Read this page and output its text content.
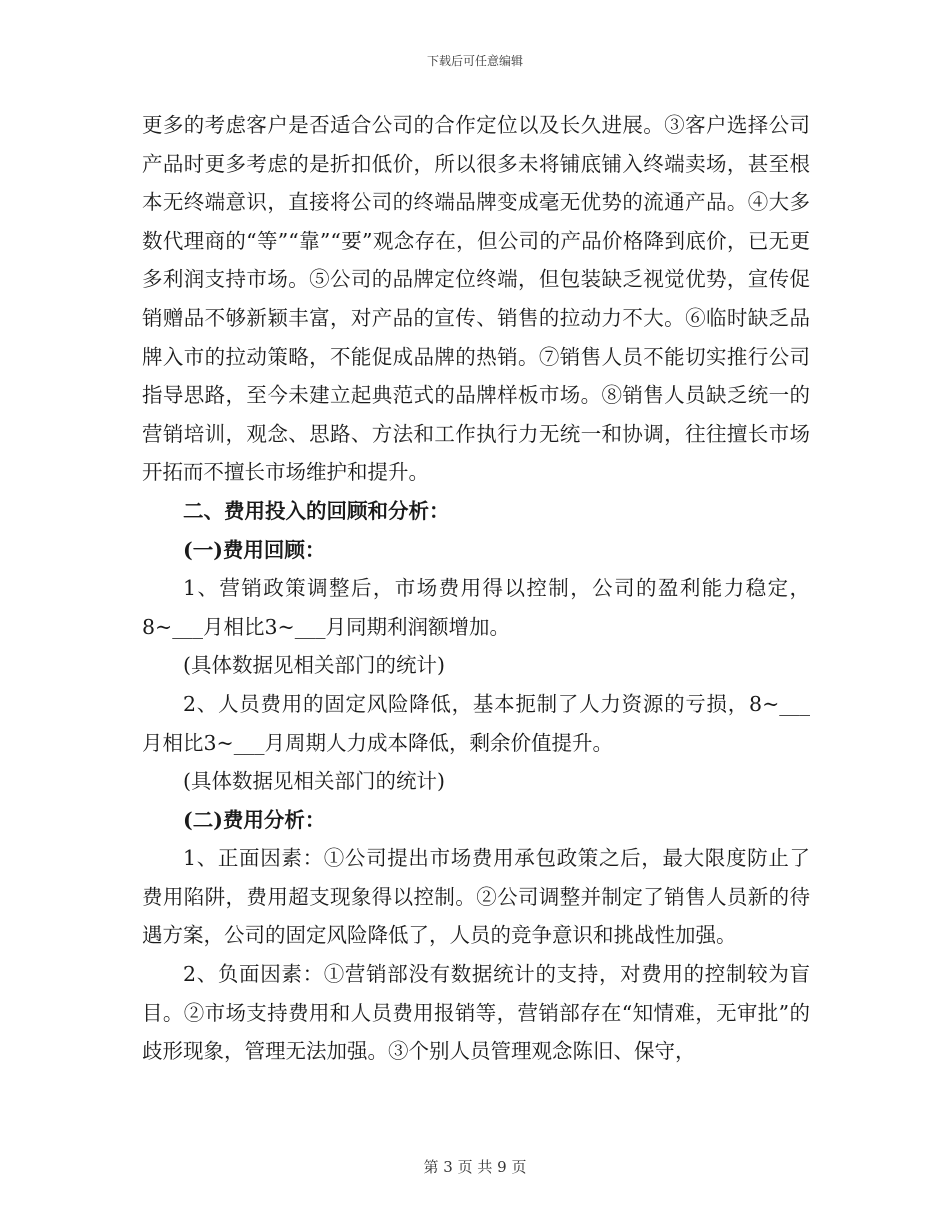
下载后可任意编辑

更多的考虑客户是否适合公司的合作定位以及长久进展。③客户选择公司产品时更多考虑的是折扣低价，所以很多未将铺底铺入终端卖场，甚至根本无终端意识，直接将公司的终端品牌变成毫无优势的流通产品。④大多数代理商的“等”“靠”“要”观念存在，但公司的产品价格降到底价，已无更多利润支持市场。⑤公司的品牌定位终端，但包装缺乏视觉优势，宣传促销赠品不够新颖丰富，对产品的宣传、销售的拉动力不大。⑥临时缺乏品牌入市的拉动策略，不能促成品牌的热销。⑦销售人员不能切实推行公司指导思路，至今未建立起典范式的品牌样板市场。⑧销售人员缺乏统一的营销培训，观念、思路、方法和工作执行力无统一和协调，往往擅长市场开拓而不擅长市场维护和提升。

二、费用投入的回顾和分析：

(一)费用回顾：

1、营销政策调整后，市场费用得以控制，公司的盈利能力稳定，8~___月相比3~___月同期利润额增加。

(具体数据见相关部门的统计)

2、人员费用的固定风险降低，基本扼制了人力资源的亏损，8~___月相比3~___月周期人力成本降低，剩余价值提升。

(具体数据见相关部门的统计)

(二)费用分析：

1、正面因素：①公司提出市场费用承包政策之后，最大限度防止了费用陷阱，费用超支现象得以控制。②公司调整并制定了销售人员新的待遇方案，公司的固定风险降低了，人员的竞争意识和挑战性加强。

2、负面因素：①营销部没有数据统计的支持，对费用的控制较为盲目。②市场支持费用和人员费用报销等，营销部存在“知情难，无审批”的歧形现象，管理无法加强。③个别人员管理观念陈旧、保守，

第 3 页 共 9 页
